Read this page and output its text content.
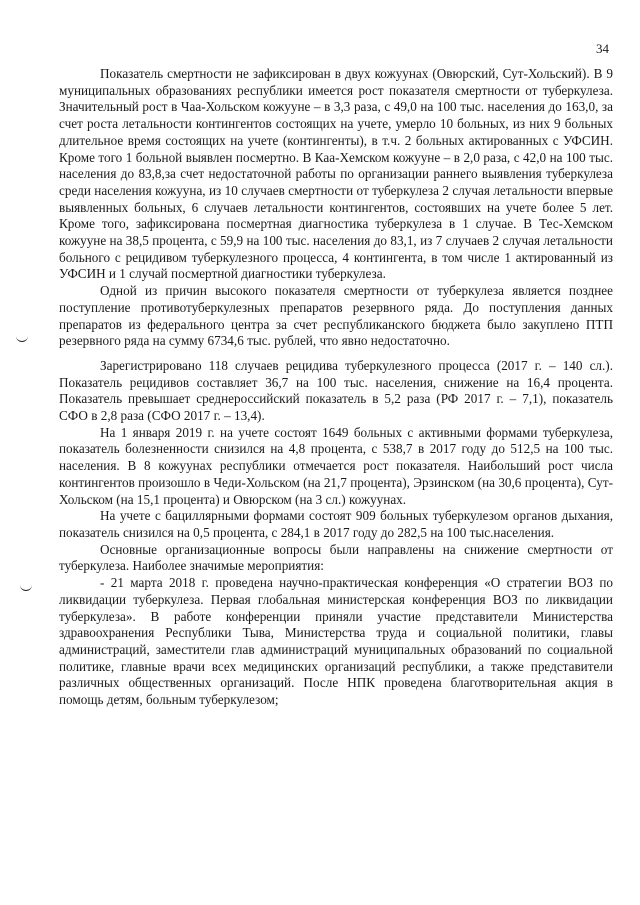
34

Показатель смертности не зафиксирован в двух кожуунах (Овюрский, Сут-Хольский). В 9 муниципальных образованиях республики имеется рост показателя смертности от туберкулеза. Значительный рост в Чаа-Хольском кожууне – в 3,3 раза, с 49,0 на 100 тыс. населения до 163,0, за счет роста летальности контингентов состоящих на учете, умерло 10 больных, из них 9 больных длительное время состоящих на учете (контингенты), в т.ч. 2 больных актированных с УФСИН. Кроме того 1 больной выявлен посмертно. В Каа-Хемском кожууне – в 2,0 раза, с 42,0 на 100 тыс. населения до 83,8,за счет недостаточной работы по организации раннего выявления туберкулеза среди населения кожууна, из 10 случаев смертности от туберкулеза 2 случая летальности впервые выявленных больных, 6 случаев летальности контингентов, состоявших на учете более 5 лет. Кроме того, зафиксирована посмертная диагностика туберкулеза в 1 случае. В Тес-Хемском кожууне на 38,5 процента, с 59,9 на 100 тыс. населения до 83,1, из 7 случаев 2 случая летальности больного с рецидивом туберкулезного процесса, 4 контингента, в том числе 1 актированный из УФСИН и 1 случай посмертной диагностики туберкулеза.

Одной из причин высокого показателя смертности от туберкулеза является позднее поступление противотуберкулезных препаратов резервного ряда. До поступления данных препаратов из федерального центра за счет республиканского бюджета было закуплено ПТП резервного ряда на сумму 6734,6 тыс. рублей, что явно недостаточно.

Зарегистрировано 118 случаев рецидива туберкулезного процесса (2017 г. – 140 сл.). Показатель рецидивов составляет 36,7 на 100 тыс. населения, снижение на 16,4 процента. Показатель превышает среднероссийский показатель в 5,2 раза (РФ 2017 г. – 7,1), показатель СФО в 2,8 раза (СФО 2017 г. – 13,4).

На 1 января 2019 г. на учете состоят 1649 больных с активными формами туберкулеза, показатель болезненности снизился на 4,8 процента, с 538,7 в 2017 году до 512,5 на 100 тыс. населения. В 8 кожуунах республики отмечается рост показателя. Наибольший рост числа контингентов произошло в Чеди-Хольском (на 21,7 процента), Эрзинском (на 30,6 процента), Сут-Хольском (на 15,1 процента) и Овюрском (на 3 сл.) кожуунах.

На учете с бациллярными формами состоят 909 больных туберкулезом органов дыхания, показатель снизился на 0,5 процента, с 284,1 в 2017 году до 282,5 на 100 тыс.населения.

Основные организационные вопросы были направлены на снижение смертности от туберкулеза. Наиболее значимые мероприятия:

- 21 марта 2018 г. проведена научно-практическая конференция «О стратегии ВОЗ по ликвидации туберкулеза. Первая глобальная министерская конференция ВОЗ по ликвидации туберкулеза». В работе конференции приняли участие представители Министерства здравоохранения Республики Тыва, Министерства труда и социальной политики, главы администраций, заместители глав администраций муниципальных образований по социальной политике, главные врачи всех медицинских организаций республики, а также представители различных общественных организаций. После НПК проведена благотворительная акция в помощь детям, больным туберкулезом;
